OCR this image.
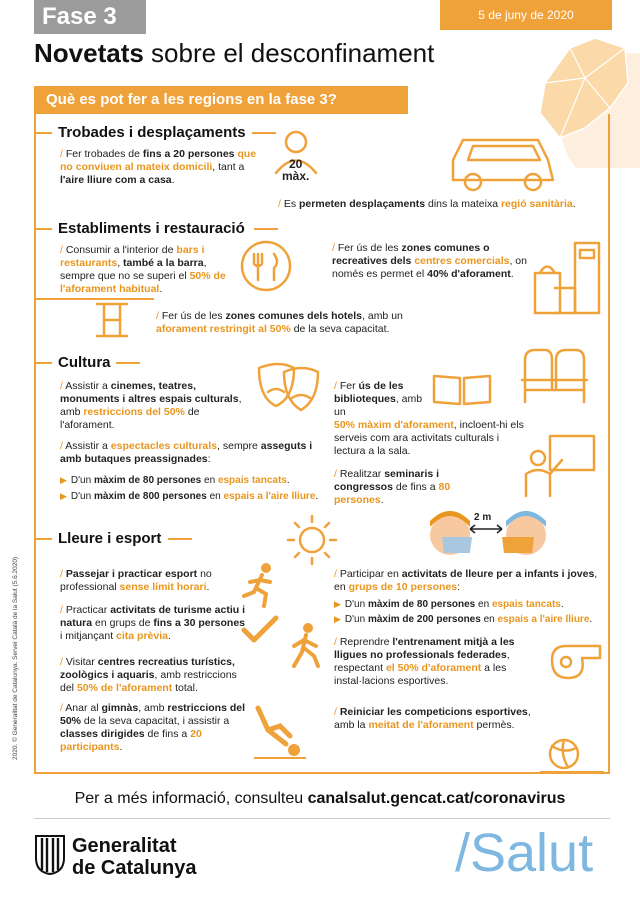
Fase 3	5 de juny de 2020
Novetats sobre el desconfinament
Què es pot fer a les regions en la fase 3?
Trobades i desplaçaments
/ Fer trobades de fins a 20 persones que no conviuen al mateix domicili, tant a l'aire lliure com a casa.
20
màx.
/ Es permeten desplaçaments dins la mateixa regió sanitària.
Establiments i restauració
/ Consumir a l'interior de bars i restaurants, també a la barra, sempre que no se superi el 50% de l'aforament habitual.
/ Fer ús de les zones comunes o recreatives dels centres comercials, on només es permet el 40% d'aforament.
/ Fer ús de les zones comunes dels hotels, amb un aforament restringit al 50% de la seva capacitat.
Cultura
/ Assistir a cinemes, teatres, monuments i altres espais culturals, amb restriccions del 50% de l'aforament.
/ Fer ús de les biblioteques, amb un
50% màxim d'aforament, incloent-hi els serveis com ara activitats culturals i lectura a la sala.
/ Assistir a espectacles culturals, sempre asseguts i amb butaques preassignades:
▶ D'un màxim de 80 persones en espais tancats.
▶ D'un màxim de 800 persones en espais a l'aire lliure.
/ Realitzar seminaris i congressos de fins a 80 persones.
Lleure i esport
2 m
/ Passejar i practicar esport no professional sense límit horari.
/ Participar en activitats de lleure per a infants i joves, en grups de 10 persones:
▶ D'un màxim de 80 persones en espais tancats.
▶ D'un màxim de 200 persones en espais a l'aire lliure.
/ Practicar activitats de turisme actiu i natura en grups de fins a 30 persones i mitjançant cita prèvia.	/ Reprendre l'entrenament mitjà a les lligues no professionals federades, respectant el 50% d'aforament a les instal·lacions esportives.
/ Visitar centres recreatius turístics, zoològics i aquaris, amb restriccions del 50% de l'aforament total.
/ Anar al gimnàs, amb restriccions del 50% de la seva capacitat, i assistir a classes dirigides de fins a 20 participants.
/ Reiniciar les competicions esportives, amb la meitat de l'aforament permès.
2020. © Generalitat de Catalunya. Servei Català de la Salut (5.6.2020)
Per a més informació, consulteu canalsalut.gencat.cat/coronavirus
Generalitat
de Catalunya	/Salut
